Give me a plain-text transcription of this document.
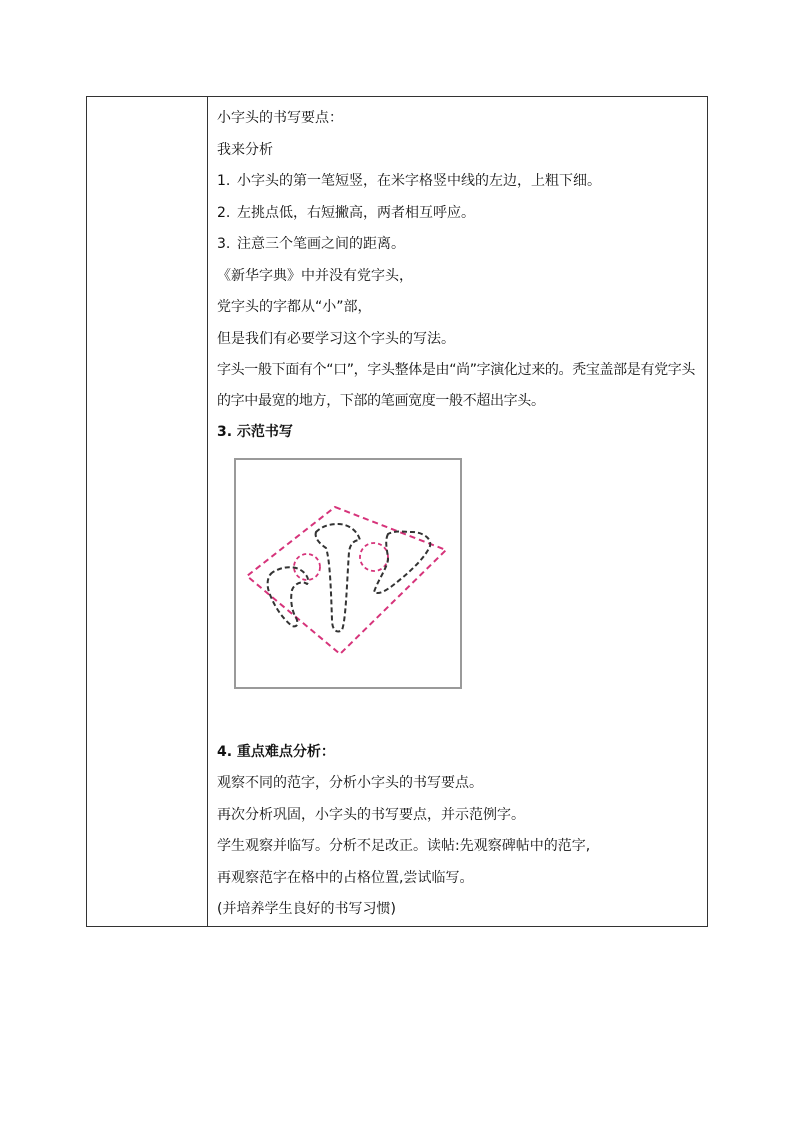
小字头的书写要点：
我来分析
1. 小字头的第一笔短竖，在米字格竖中线的左边，上粗下细。
2. 左挑点低，右短撇高，两者相互呼应。
3. 注意三个笔画之间的距离。
《新华字典》中并没有党字头，
党字头的字都从“小”部，
但是我们有必要学习这个字头的写法。
字头一般下面有个“口”，字头整体是由“尚”字演化过来的。秃宝盖部是有党字头的字中最宽的地方，下部的笔画宽度一般不超出字头。
3. 示范书写
4. 重点难点分析：
观察不同的范字，分析小字头的书写要点。
再次分析巩固，小字头的书写要点，并示范例字。
学生观察并临写。分析不足改正。读帖:先观察碑帖中的范字,
再观察范字在格中的占格位置,尝试临写。
(并培养学生良好的书写习惯)
